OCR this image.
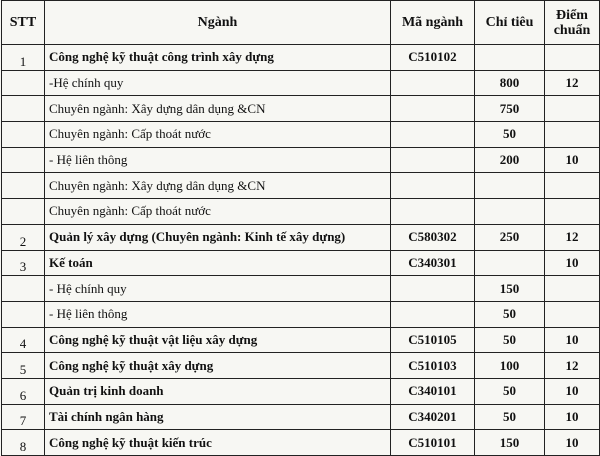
STT	Ngành	Mã ngành	Chỉ tiêu	Điểm
chuẩn
1	Công nghệ kỹ thuật công trình xây dựng	C510102		
	-Hệ chính quy		800	12
	Chuyên ngành: Xây dựng dân dụng &CN		750	
	Chuyên ngành: Cấp thoát nước		50	
	- Hệ liên thông		200	10
	Chuyên ngành: Xây dựng dân dụng &CN			
	Chuyên ngành: Cấp thoát nước			
2	Quản lý xây dựng (Chuyên ngành: Kinh tế xây dựng)	C580302	250	12
3	Kế toán	C340301		10
	- Hệ chính quy		150	
	- Hệ liên thông		50	
4	Công nghệ kỹ thuật vật liệu xây dựng	C510105	50	10
5	Công nghệ kỹ thuật xây dựng	C510103	100	12
6	Quản trị kinh doanh	C340101	50	10
7	Tài chính ngân hàng	C340201	50	10
8	Công nghệ kỹ thuật kiến trúc	C510101	150	10
